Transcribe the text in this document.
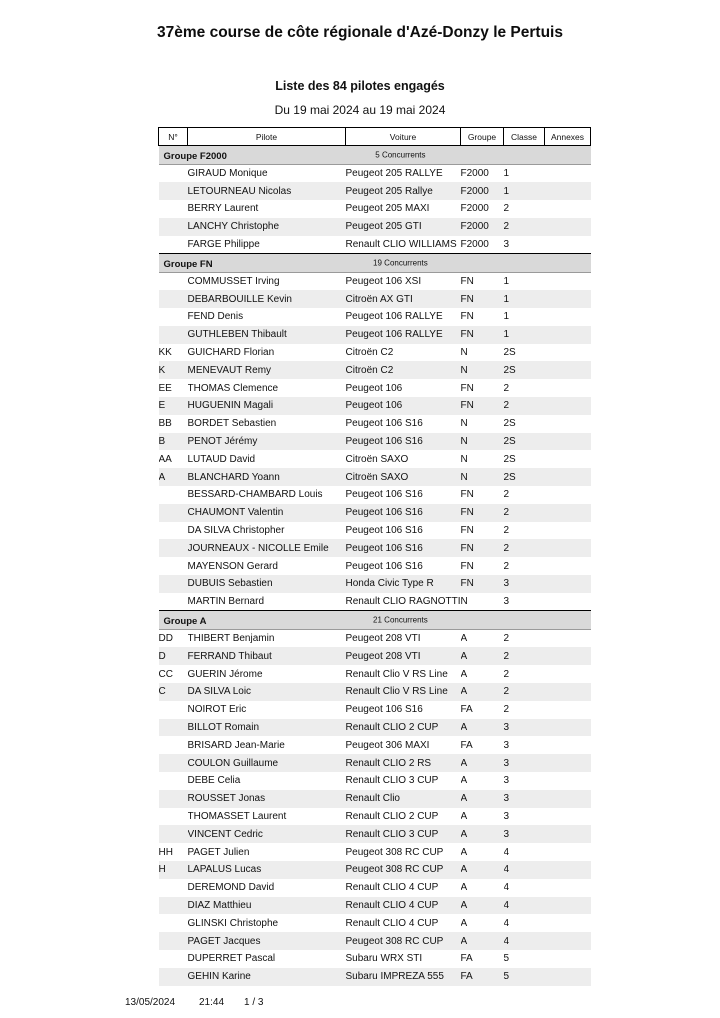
37ème course de côte régionale d'Azé-Donzy le Pertuis
Liste des 84 pilotes engagés
Du 19 mai 2024 au 19 mai 2024
N°	Pilote	Voiture	Groupe	Classe	Annexes
Groupe F2000 5 Concurrents					

	GIRAUD Monique	Peugeot 205 RALLYE	F2000	1	
	LETOURNEAU Nicolas	Peugeot 205 Rallye	F2000	1	
	BERRY Laurent	Peugeot 205 MAXI	F2000	2	
	LANCHY Christophe	Peugeot 205 GTI	F2000	2	
	FARGE Philippe	Renault CLIO WILLIAMS	F2000	3	
Groupe FN 19 Concurrents					

	COMMUSSET Irving	Peugeot 106 XSI	FN	1	
	DEBARBOUILLE Kevin	Citroën AX GTI	FN	1	
	FEND Denis	Peugeot 106 RALLYE	FN	1	
	GUTHLEBEN Thibault	Peugeot 106 RALLYE	FN	1	
KK	GUICHARD Florian	Citroën C2	N	2S	
K	MENEVAUT Remy	Citroën C2	N	2S	
EE	THOMAS Clemence	Peugeot 106	FN	2	
E	HUGUENIN Magali	Peugeot 106	FN	2	
BB	BORDET Sebastien	Peugeot 106 S16	N	2S	
B	PENOT Jérémy	Peugeot 106 S16	N	2S	
AA	LUTAUD David	Citroën SAXO	N	2S	
A	BLANCHARD Yoann	Citroën SAXO	N	2S	
	BESSARD-CHAMBARD Louis	Peugeot 106 S16	FN	2	
	CHAUMONT Valentin	Peugeot 106 S16	FN	2	
	DA SILVA Christopher	Peugeot 106 S16	FN	2	
	JOURNEAUX - NICOLLE Emile	Peugeot 106 S16	FN	2	
	MAYENSON Gerard	Peugeot 106 S16	FN	2	
	DUBUIS Sebastien	Honda Civic Type R	FN	3	
	MARTIN Bernard	Renault CLIO RAGNOTTI	N	3	
Groupe A 21 Concurrents					

DD	THIBERT Benjamin	Peugeot 208 VTI	A	2	
D	FERRAND Thibaut	Peugeot 208 VTI	A	2	
CC	GUERIN Jérome	Renault Clio V RS Line	A	2	
C	DA SILVA Loic	Renault Clio V RS Line	A	2	
	NOIROT Eric	Peugeot 106 S16	FA	2	
	BILLOT Romain	Renault CLIO 2 CUP	A	3	
	BRISARD Jean-Marie	Peugeot 306 MAXI	FA	3	
	COULON Guillaume	Renault CLIO 2 RS	A	3	
	DEBE Celia	Renault CLIO 3 CUP	A	3	
	ROUSSET Jonas	Renault Clio	A	3	
	THOMASSET Laurent	Renault CLIO 2 CUP	A	3	
	VINCENT Cedric	Renault CLIO 3 CUP	A	3	
HH	PAGET Julien	Peugeot 308 RC CUP	A	4	
H	LAPALUS Lucas	Peugeot 308 RC CUP	A	4	
	DEREMOND David	Renault CLIO 4 CUP	A	4	
	DIAZ Matthieu	Renault CLIO 4 CUP	A	4	
	GLINSKI Christophe	Renault CLIO 4 CUP	A	4	
	PAGET Jacques	Peugeot 308 RC CUP	A	4	
	DUPERRET Pascal	Subaru WRX STI	FA	5	
	GEHIN Karine	Subaru IMPREZA 555	FA	5	
13/05/2024 21:44 1 / 3
